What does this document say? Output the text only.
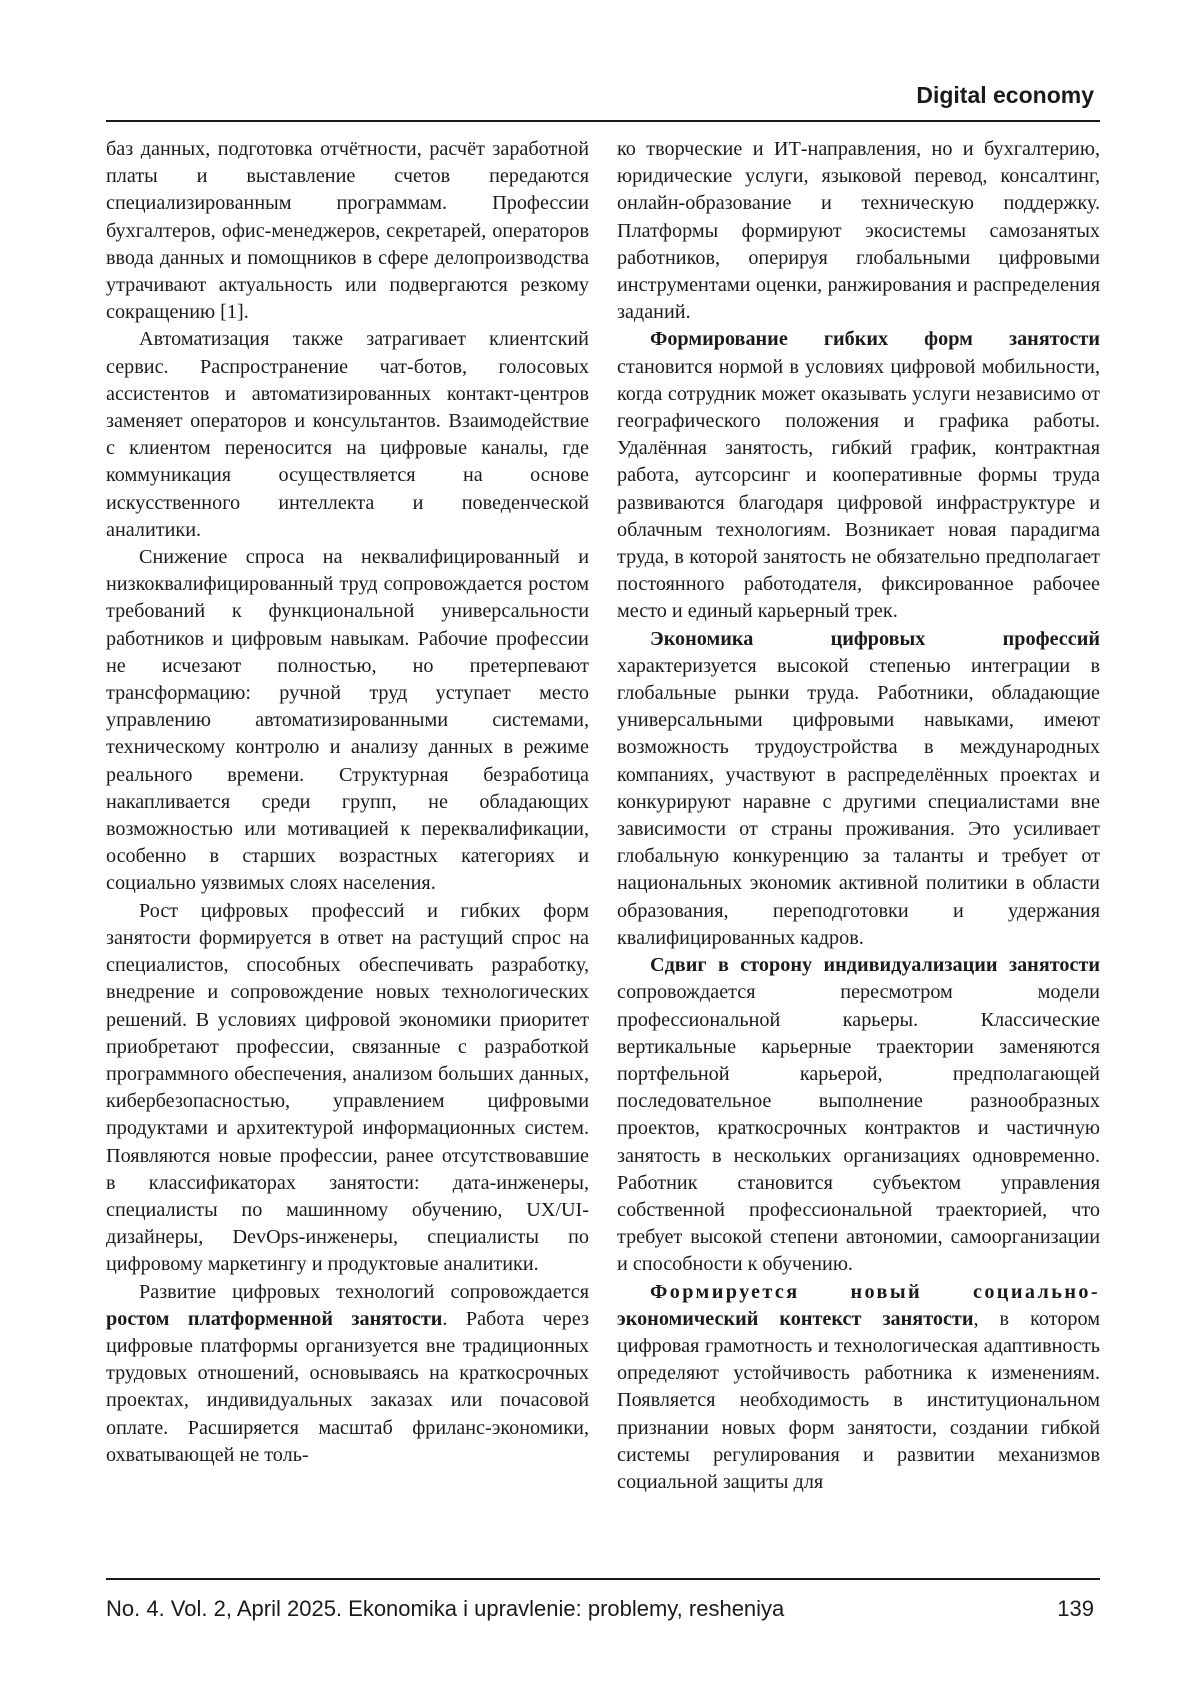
Digital economy

баз данных, подготовка отчётности, расчёт заработной платы и выставление счетов передаются специализированным программам. Профессии бухгалтеров, офис-менеджеров, секретарей, операторов ввода данных и помощников в сфере делопроизводства утрачивают актуальность или подвергаются резкому сокращению [1].

Автоматизация также затрагивает клиентский сервис. Распространение чат-ботов, голосовых ассистентов и автоматизированных контакт-центров заменяет операторов и консультантов. Взаимодействие с клиентом переносится на цифровые каналы, где коммуникация осуществляется на основе искусственного интеллекта и поведенческой аналитики.

Снижение спроса на неквалифицированный и низкоквалифицированный труд сопровождается ростом требований к функциональной универсальности работников и цифровым навыкам. Рабочие профессии не исчезают полностью, но претерпевают трансформацию: ручной труд уступает место управлению автоматизированными системами, техническому контролю и анализу данных в режиме реального времени. Структурная безработица накапливается среди групп, не обладающих возможностью или мотивацией к переквалификации, особенно в старших возрастных категориях и социально уязвимых слоях населения.

Рост цифровых профессий и гибких форм занятости формируется в ответ на растущий спрос на специалистов, способных обеспечивать разработку, внедрение и сопровождение новых технологических решений. В условиях цифровой экономики приоритет приобретают профессии, связанные с разработкой программного обеспечения, анализом больших данных, кибербезопасностью, управлением цифровыми продуктами и архитектурой информационных систем. Появляются новые профессии, ранее отсутствовавшие в классификаторах занятости: дата-инженеры, специалисты по машинному обучению, UX/UI-дизайнеры, DevOps-инженеры, специалисты по цифровому маркетингу и продуктовые аналитики.

Развитие цифровых технологий сопровождается ростом платформенной занятости. Работа через цифровые платформы организуется вне традиционных трудовых отношений, основываясь на краткосрочных проектах, индивидуальных заказах или почасовой оплате. Расширяется масштаб фриланс-экономики, охватывающей не толь-

ко творческие и ИТ-направления, но и бухгалтерию, юридические услуги, языковой перевод, консалтинг, онлайн-образование и техническую поддержку. Платформы формируют экосистемы самозанятых работников, оперируя глобальными цифровыми инструментами оценки, ранжирования и распределения заданий.

Формирование гибких форм занятости становится нормой в условиях цифровой мобильности, когда сотрудник может оказывать услуги независимо от географического положения и графика работы. Удалённая занятость, гибкий график, контрактная работа, аутсорсинг и кооперативные формы труда развиваются благодаря цифровой инфраструктуре и облачным технологиям. Возникает новая парадигма труда, в которой занятость не обязательно предполагает постоянного работодателя, фиксированное рабочее место и единый карьерный трек.

Экономика цифровых профессий характеризуется высокой степенью интеграции в глобальные рынки труда. Работники, обладающие универсальными цифровыми навыками, имеют возможность трудоустройства в международных компаниях, участвуют в распределённых проектах и конкурируют наравне с другими специалистами вне зависимости от страны проживания. Это усиливает глобальную конкуренцию за таланты и требует от национальных экономик активной политики в области образования, переподготовки и удержания квалифицированных кадров.

Сдвиг в сторону индивидуализации занятости сопровождается пересмотром модели профессиональной карьеры. Классические вертикальные карьерные траектории заменяются портфельной карьерой, предполагающей последовательное выполнение разнообразных проектов, краткосрочных контрактов и частичную занятость в нескольких организациях одновременно. Работник становится субъектом управления собственной профессиональной траекторией, что требует высокой степени автономии, самоорганизации и способности к обучению.

Формируется новый социально- экономический контекст занятости, в котором цифровая грамотность и технологическая адаптивность определяют устойчивость работника к изменениям. Появляется необходимость в институциональном признании новых форм занятости, создании гибкой системы регулирования и развитии механизмов социальной защиты для

No. 4. Vol. 2, April 2025. Ekonomika i upravlenie: problemy, resheniya	139
